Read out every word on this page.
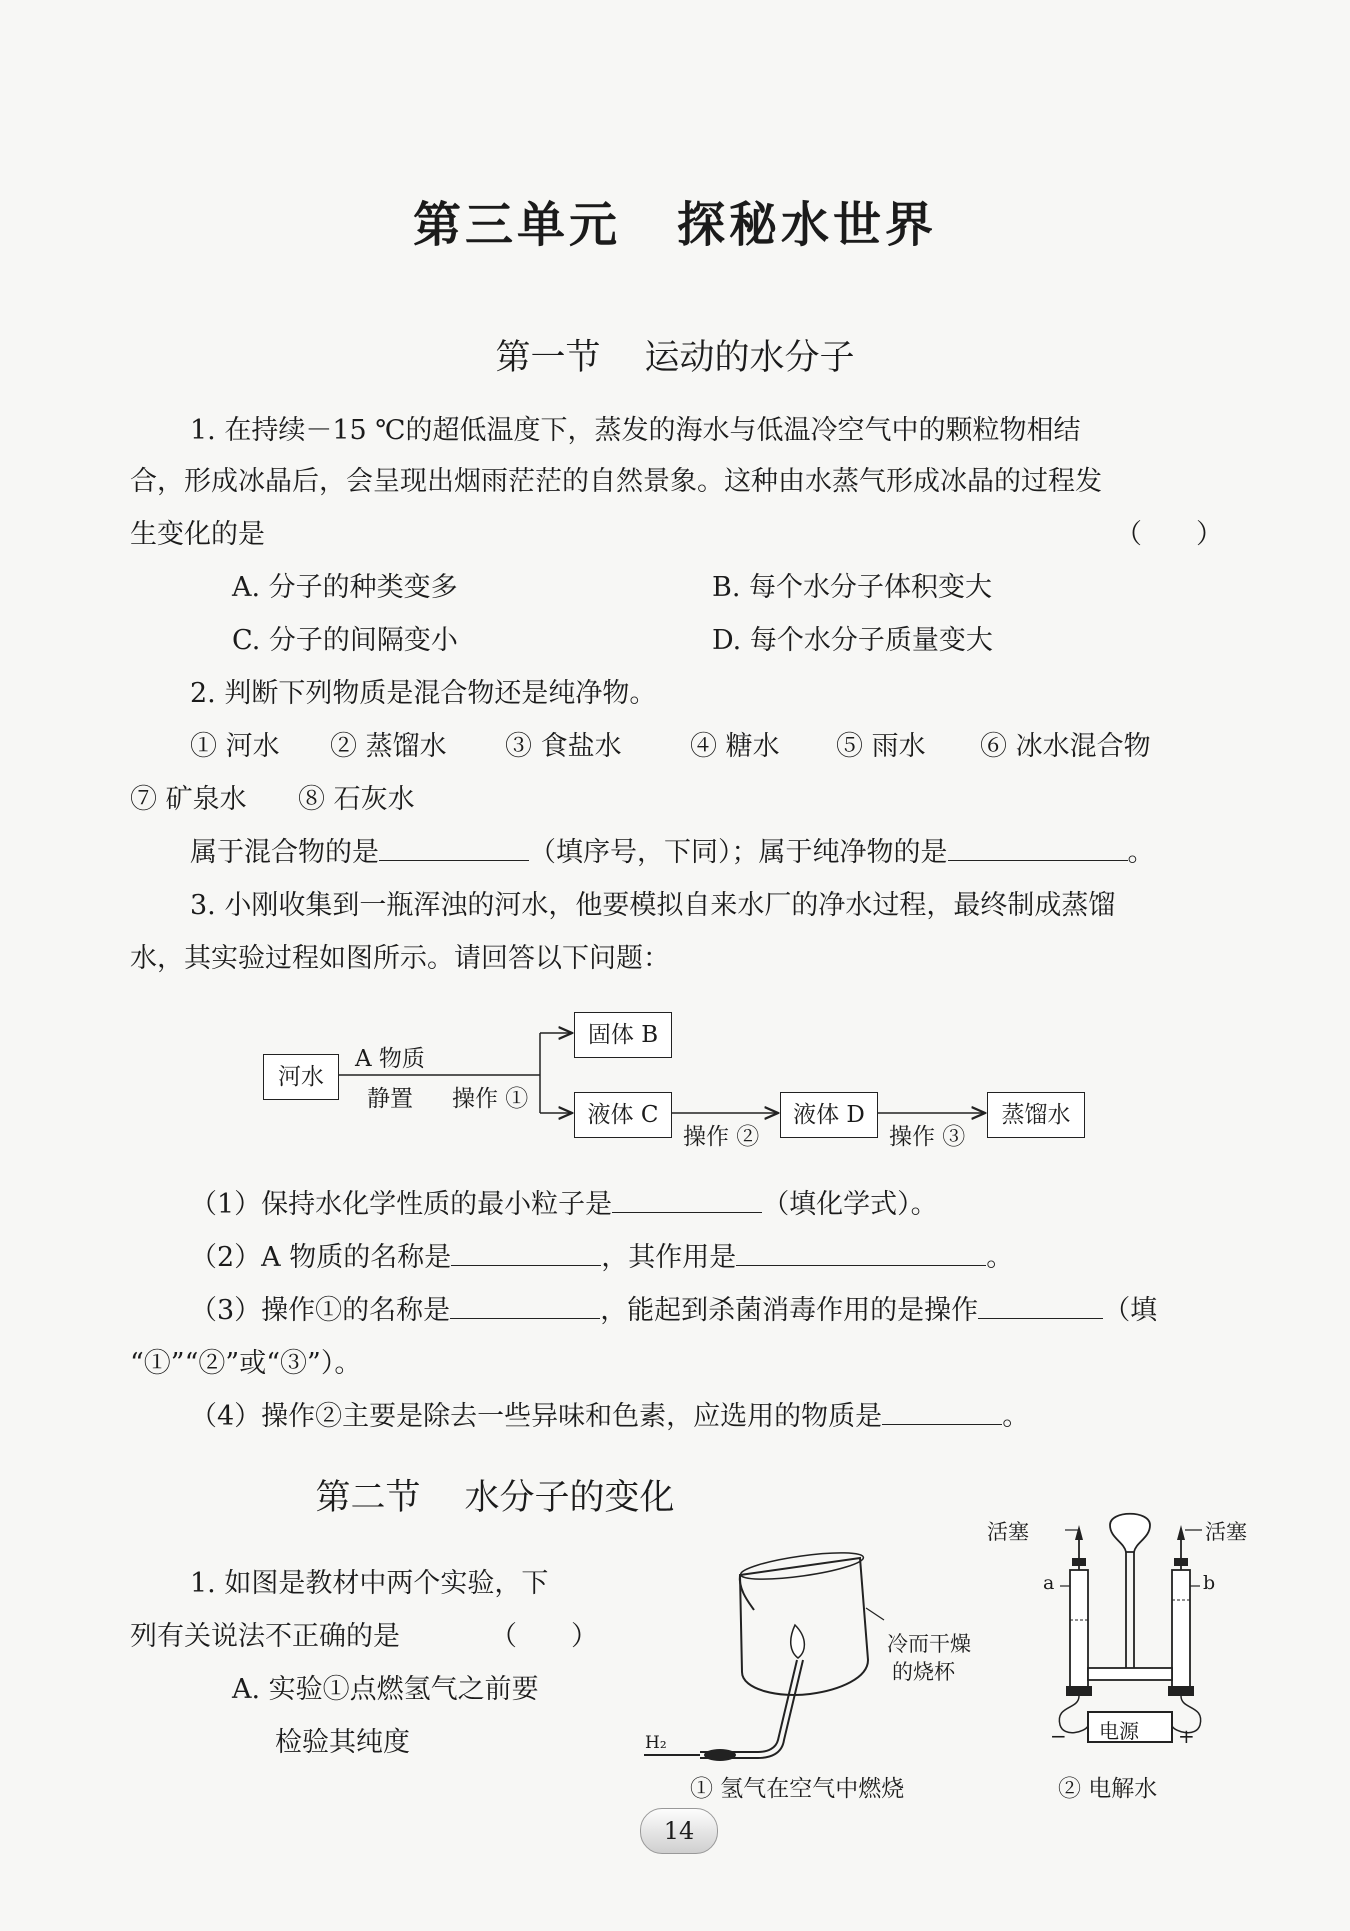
第三单元 探秘水世界
第一节 运动的水分子
1. 在持续－15 ℃的超低温度下，蒸发的海水与低温冷空气中的颗粒物相结
合，形成冰晶后，会呈现出烟雨茫茫的自然景象。这种由水蒸气形成冰晶的过程发
生变化的是	（　　）
A. 分子的种类变多	B. 每个水分子体积变大
C. 分子的间隔变小	D. 每个水分子质量变大
2. 判断下列物质是混合物还是纯净物。
① 河水 ② 蒸馏水 ③ 食盐水	④ 糖水 ⑤ 雨水 ⑥ 冰水混合物
⑦ 矿泉水 ⑧ 石灰水
属于混合物的是	（填序号，下同）；属于纯净物的是	。
3. 小刚收集到一瓶浑浊的河水，他要模拟自来水厂的净水过程，最终制成蒸馏
水，其实验过程如图所示。请回答以下问题：
河水
A 物质
静置 操作 ①
固体 B
液体 C
操作 ②
液体 D
操作 ③
蒸馏水
（1）保持水化学性质的最小粒子是	（填化学式）。
（2）A 物质的名称是	，其作用是	。
（3）操作①的名称是	，能起到杀菌消毒作用的是操作	（填
“①”“②”或“③”）。
（4）操作②主要是除去一些异味和色素，应选用的物质是	。
第二节 水分子的变化
1. 如图是教材中两个实验，下
列有关说法不正确的是	（　　）
A. 实验①点燃氢气之前要
检验其纯度	H₂
冷而干燥
的烧杯
① 氢气在空气中燃烧
活塞	活塞
a	b
电源
−	+
② 电解水
14
